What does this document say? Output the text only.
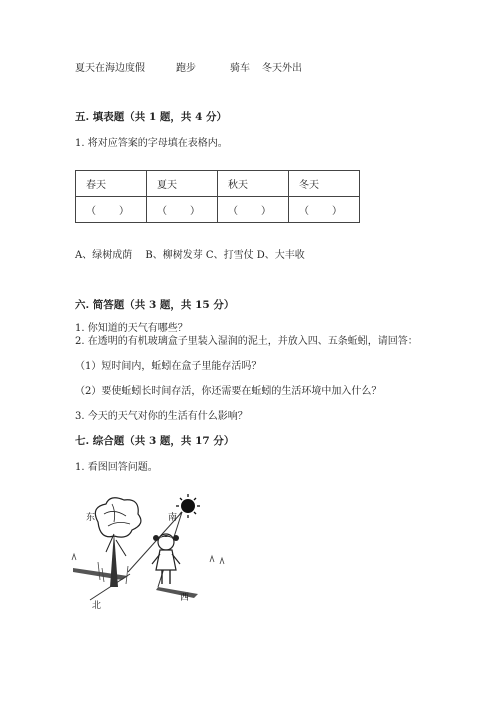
夏天在海边度假	跑步	骑车 冬天外出
五. 填表题（共 1 题，共 4 分）
1. 将对应答案的字母填在表格内。
春天	夏天	秋天	冬天
（　　）	（　　）	（　　）	（　　）
A、绿树成荫　 B、柳树发芽 C、打雪仗 D、大丰收
六. 简答题（共 3 题，共 15 分）
1. 你知道的天气有哪些？
2. 在透明的有机玻璃盒子里装入湿润的泥土，并放入四、五条蚯蚓，请回答：
（1）短时间内，蚯蚓在盒子里能存活吗？
（2）要使蚯蚓长时间存活，你还需要在蚯蚓的生活环境中加入什么？
3. 今天的天气对你的生活有什么影响？
七. 综合题（共 3 题，共 17 分）
1. 看图回答问题。
东	南
北
西
